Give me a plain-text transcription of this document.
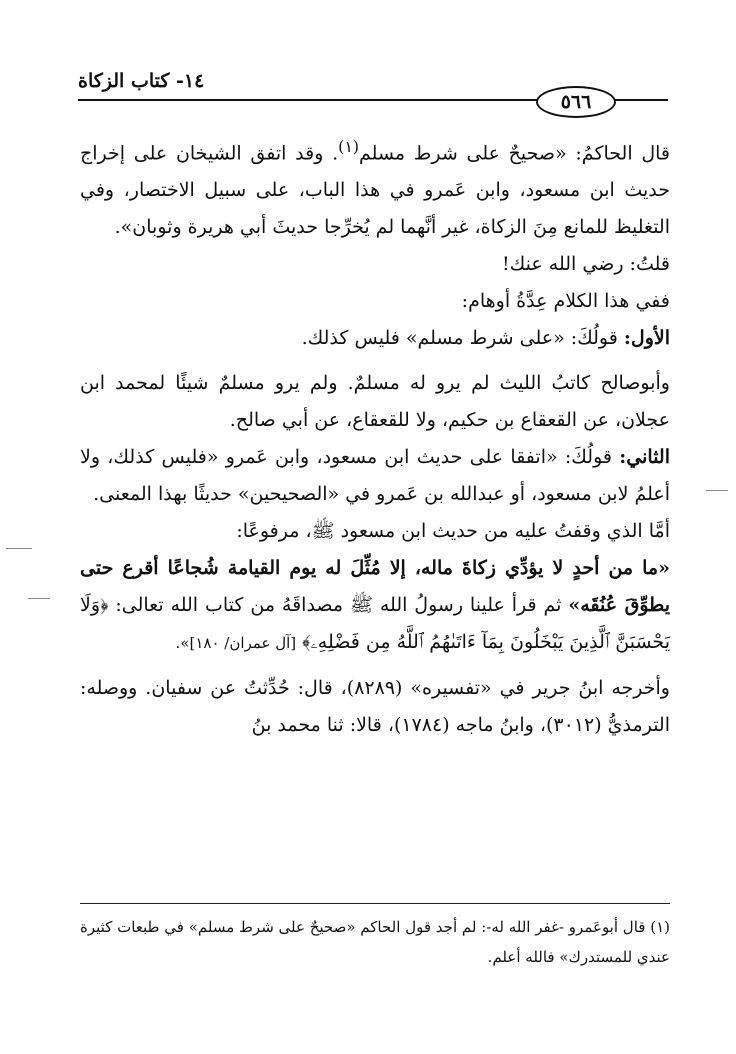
١٤- كتاب الزكاة
٥٦٦

قال الحاكمُ: «صحيحٌ على شرط مسلم$^{(١)}$. وقد اتفق الشيخان على إخراج حديث ابن مسعود، وابن عَمرو في هذا الباب، على سبيل الاختصار، وفي التغليظ للمانع مِنَ الزكاة، غير أنَّهما لم يُخرِّجا حديثَ أبي هريرة وثوبان».

قلتُ: رضي الله عنك!

ففي هذا الكلام عِدَّةُ أوهام:

الأول: قولُكَ: «على شرط مسلم» فليس كذلك.

وأبوصالح كاتبُ الليث لم يرو له مسلمٌ. ولم يرو مسلمٌ شيئًا لمحمد ابن عجلان، عن القعقاع بن حكيم، ولا للقعقاع، عن أبي صالح.

الثاني: قولُكَ: «اتفقا على حديث ابن مسعود، وابن عَمرو «فليس كذلك، ولا أعلمُ لابن مسعود، أو عبدالله بن عَمرو في «الصحيحين» حديثًا بهذا المعنى.

أمَّا الذي وقفتُ عليه من حديث ابن مسعود ﷺ، مرفوعًا:

«ما من أحدٍ لا يؤدِّي زكاةَ ماله، إلا مُثِّلَ له يوم القيامة شُجاعًا أقرع حتى يطوِّقَ عُنُقَه» ثم قرأ علينا رسولُ الله ﷺ مصداقَهُ من كتاب الله تعالى: ﴿وَلَا يَحْسَبَنَّ ٱلَّذِينَ يَبْخَلُونَ بِمَآ ءَاتَىٰهُمُ ٱللَّهُ مِن فَضْلِهِۦ﴾ [آل عمران/ ١٨٠]».

وأخرجه ابنُ جرير في «تفسيره» (٨٢٨٩)، قال: حُدِّثتُ عن سفيان. ووصله: الترمذيُّ (٣٠١٢)، وابنُ ماجه (١٧٨٤)، قالا: ثنا محمد بنُ

(١) قال أبوعَمرو -غفر الله له-: لم أجد قول الحاكم «صحيحٌ على شرط مسلم» في طبعات كثيرة عندي للمستدرك» فالله أعلم.
